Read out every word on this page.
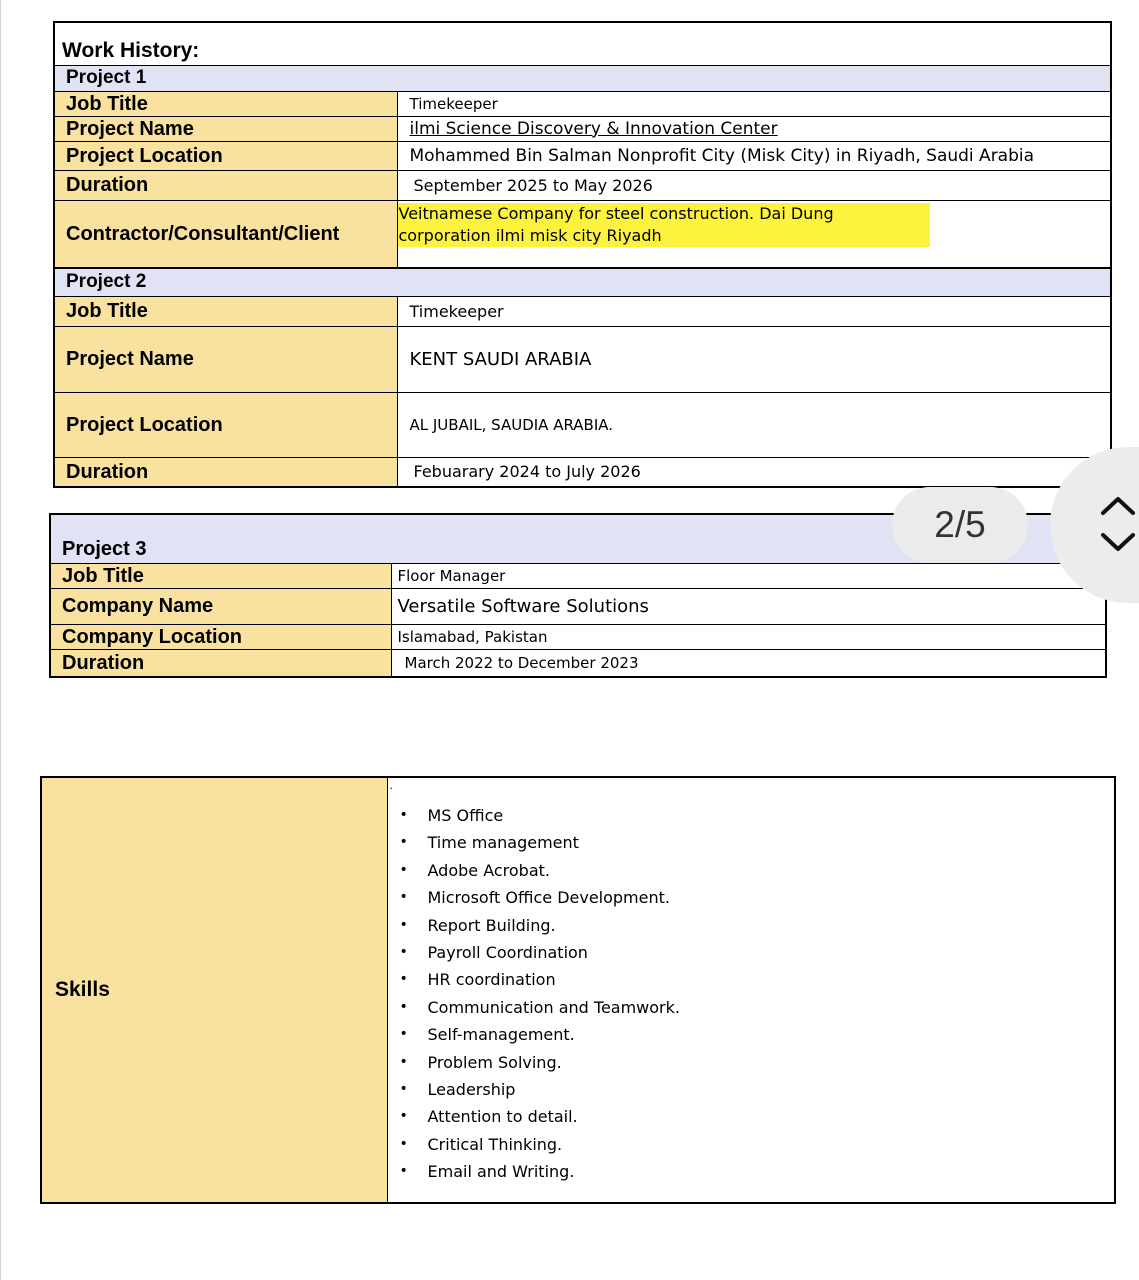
Work History:	
Project 1	
Job Title	Timekeeper
Project Name	ilmi Science Discovery & Innovation Center
Project Location	Mohammed Bin Salman Nonprofit City (Misk City) in Riyadh, Saudi Arabia
Duration	September 2025 to May 2026
Contractor/Consultant/Client	Veitnamese Company for steel construction. Dai Dung corporation ilmi misk city Riyadh

Project 2	
Job Title	Timekeeper
Project Name	KENT SAUDI ARABIA
Project Location	AL JUBAIL, SAUDIA ARABIA.
Duration	Febuarary 2024 to July 2026
Project 3	
Job Title	Floor Manager
Company Name	Versatile Software Solutions
Company Location	Islamabad, Pakistan
Duration	March 2022 to December 2023
Skills	
.
• MS Office
• Time management
• Adobe Acrobat.
• Microsoft Office Development.
• Report Building.
• Payroll Coordination
• HR coordination
• Communication and Teamwork.
• Self-management.
• Problem Solving.
• Leadership
• Attention to detail.
• Critical Thinking.
• Email and Writing.
2/5
